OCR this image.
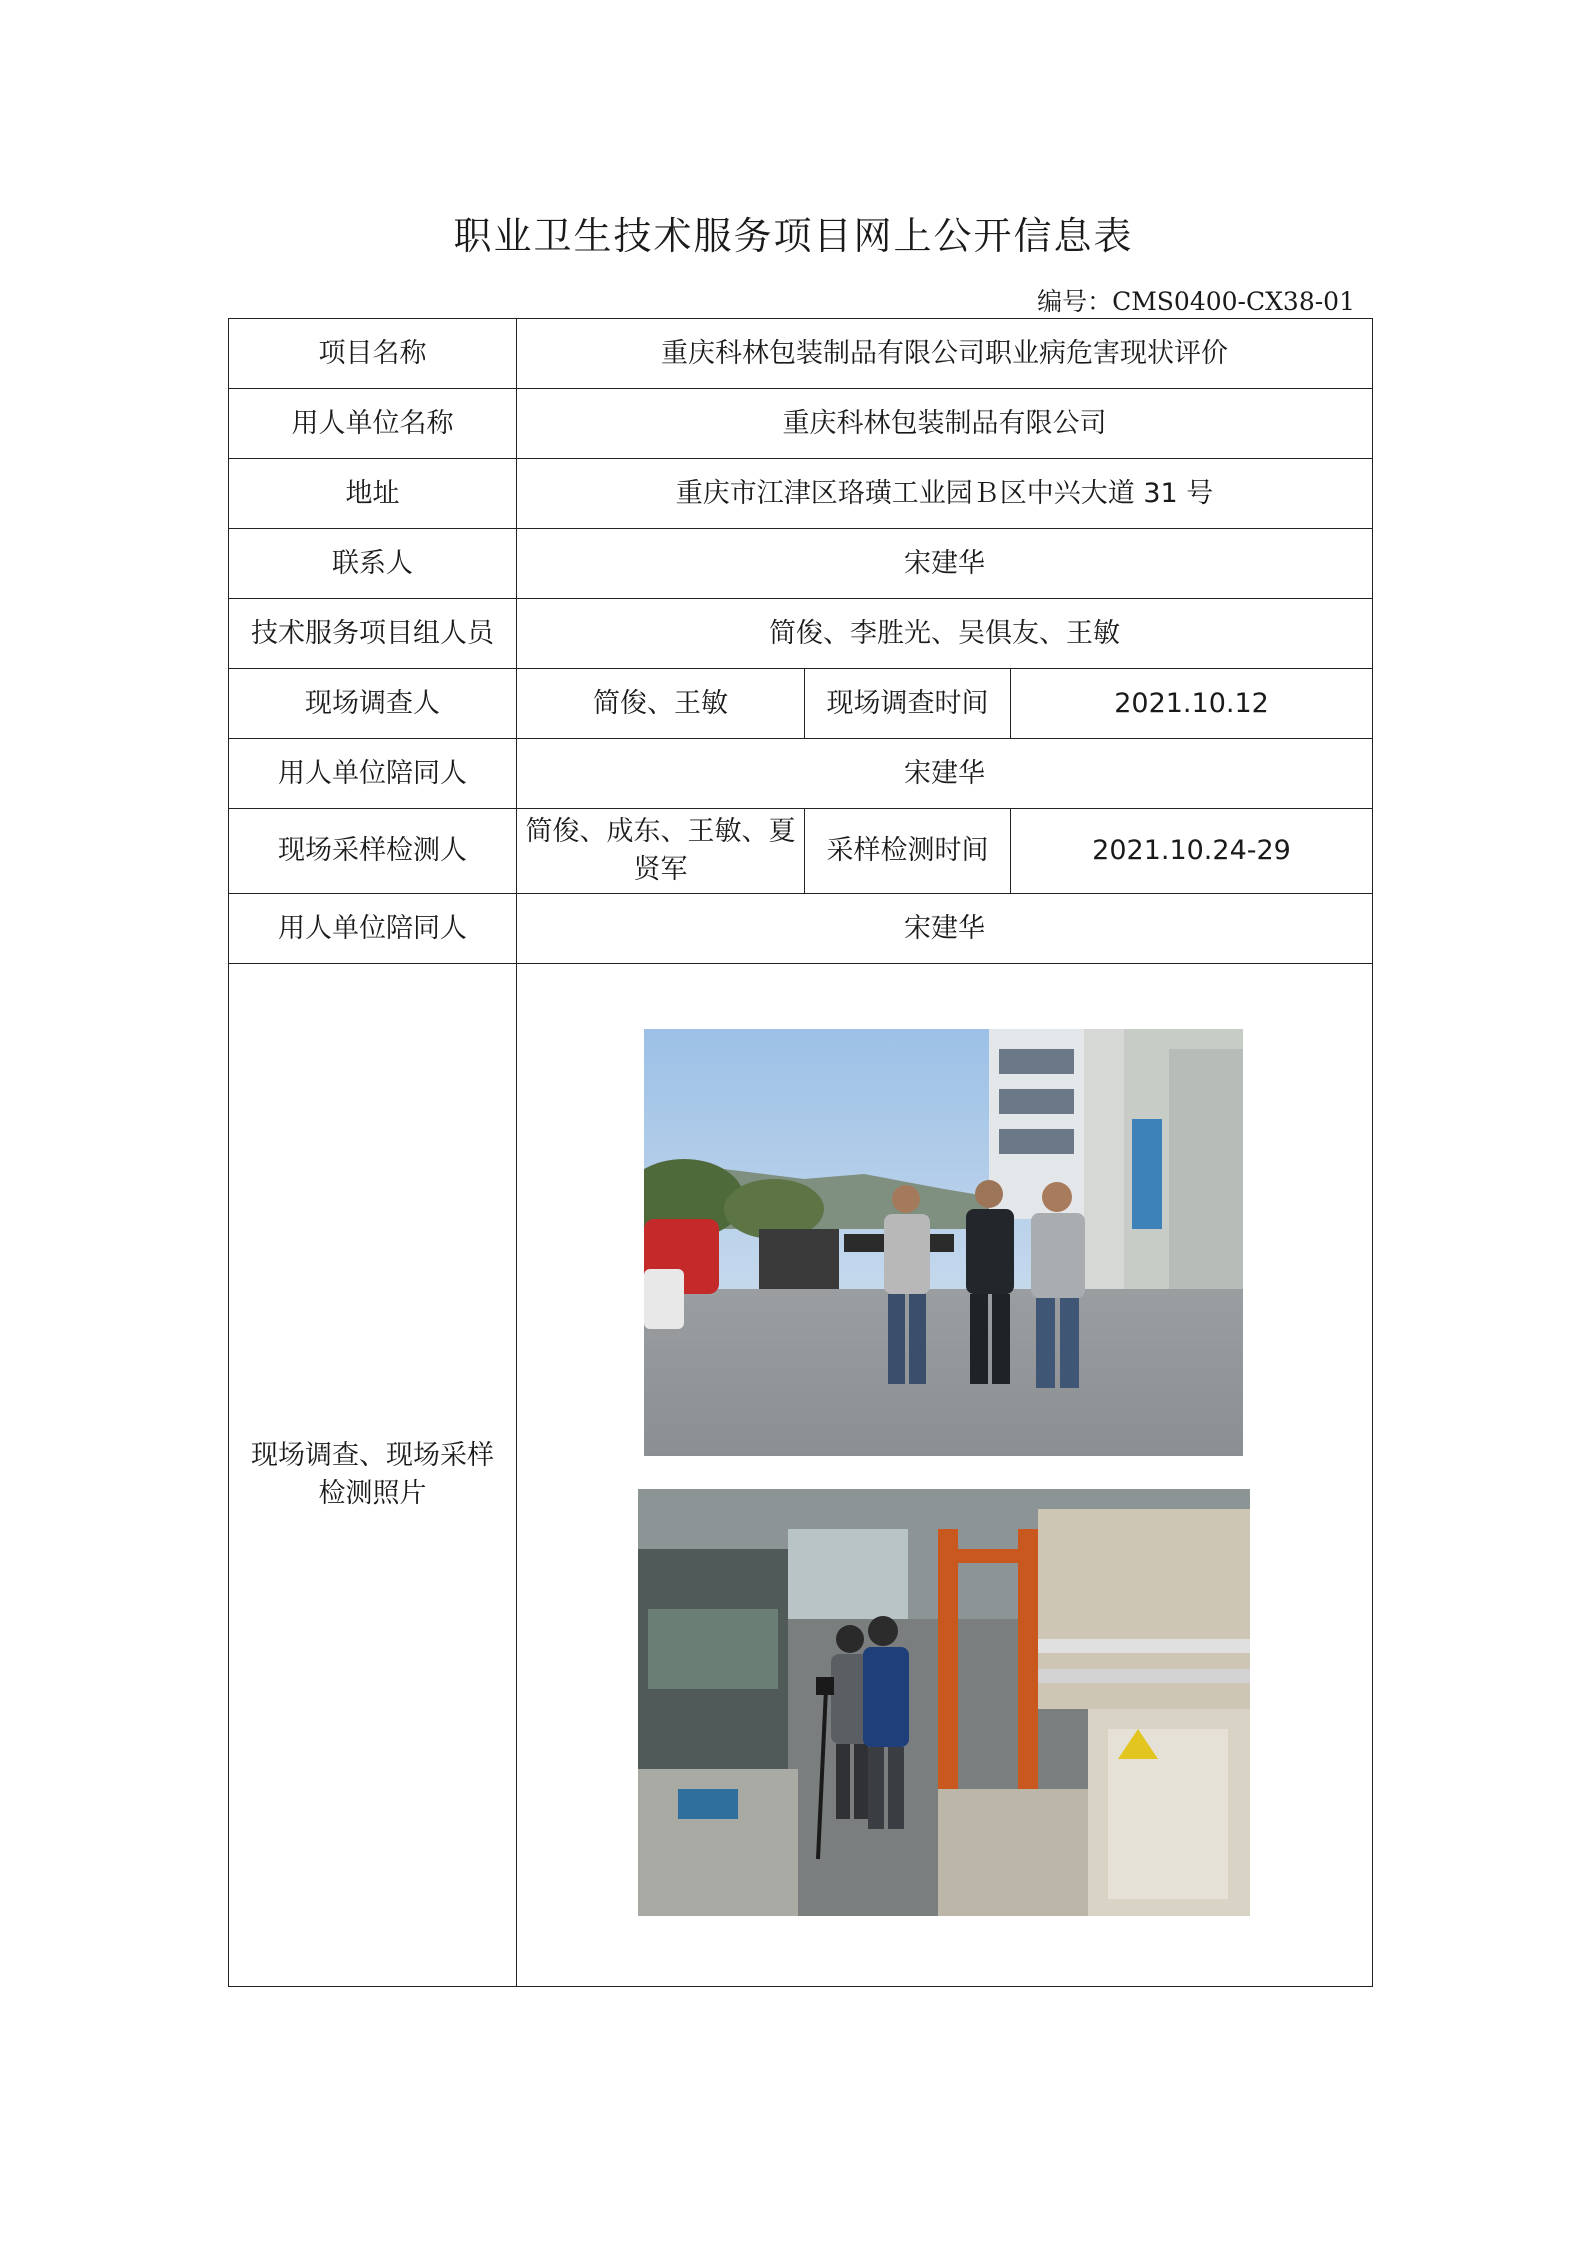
职业卫生技术服务项目网上公开信息表
编号：CMS0400-CX38-01
项目名称	重庆科林包装制品有限公司职业病危害现状评价		
用人单位名称	重庆科林包装制品有限公司		
地址	重庆市江津区珞璜工业园Ｂ区中兴大道 31 号		
联系人	宋建华		
技术服务项目组人员	简俊、李胜光、吴俱友、王敏		
现场调查人	简俊、王敏	现场调查时间	2021.10.12
用人单位陪同人	宋建华		
现场采样检测人	简俊、成东、王敏、夏贤军	采样检测时间	2021.10.24-29
用人单位陪同人	宋建华		
现场调查、现场采样检测照片	
